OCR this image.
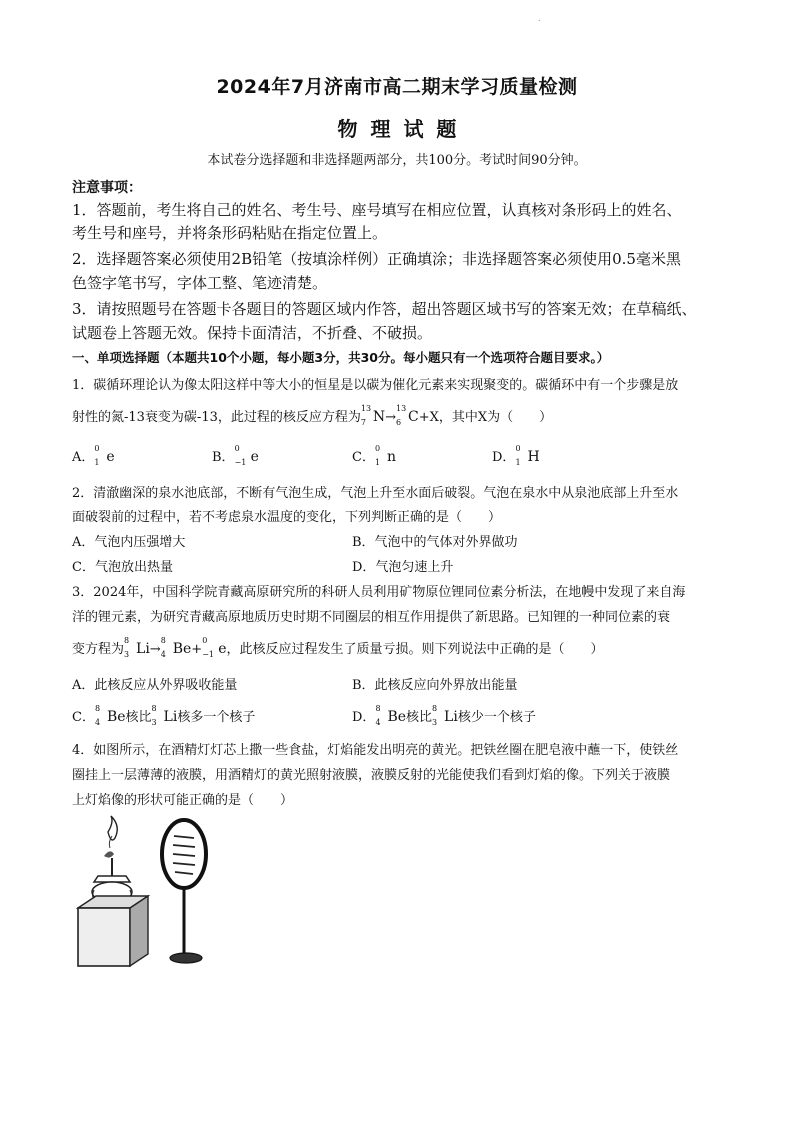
.
2024年7月济南市高二期末学习质量检测
物 理 试 题
本试卷分选择题和非选择题两部分，共100分。考试时间90分钟。
注意事项：
1．答题前，考生将自己的姓名、考生号、座号填写在相应位置，认真核对条形码上的姓名、
考生号和座号，并将条形码粘贴在指定位置上。
2．选择题答案必须使用2B铅笔（按填涂样例）正确填涂；非选择题答案必须使用0.5毫米黑
色签字笔书写，字体工整、笔迹清楚。
3．请按照题号在答题卡各题目的答题区域内作答，超出答题区域书写的答案无效；在草稿纸、
试题卷上答题无效。保持卡面清洁，不折叠、不破损。
一、单项选择题（本题共10个小题，每小题3分，共30分。每小题只有一个选项符合题目要求。）
1．碳循环理论认为像太阳这样中等大小的恒星是以碳为催化元素来实现聚变的。碳循环中有一个步骤是放
射性的氮-13衰变为碳-13，此过程的核反应方程为
13
7 N→
13
6 C+X，其中X为（　　）
A．
0
1 e	B．
0
−1 e	C．
0
1 n	D．
0
1 H
2．清澈幽深的泉水池底部，不断有气泡生成，气泡上升至水面后破裂。气泡在泉水中从泉池底部上升至水
面破裂前的过程中，若不考虑泉水温度的变化，下列判断正确的是（　　）
A．气泡内压强增大	B．气泡中的气体对外界做功
C．气泡放出热量	D．气泡匀速上升
3．2024年，中国科学院青藏高原研究所的科研人员利用矿物原位锂同位素分析法，在地幔中发现了来自海
洋的锂元素，为研究青藏高原地质历史时期不同圈层的相互作用提供了新思路。已知锂的一种同位素的衰
变方程为
8
3 Li→
8
4 Be+
0
−1 e，此核反应过程发生了质量亏损。则下列说法中正确的是（　　）
A．此核反应从外界吸收能量	B．此核反应向外界放出能量
C．
8
4 Be核比
8
3 Li核多一个核子	D．
8
4 Be核比
8
3 Li核少一个核子
4．如图所示，在酒精灯灯芯上撒一些食盐，灯焰能发出明亮的黄光。把铁丝圈在肥皂液中蘸一下，使铁丝
圈挂上一层薄薄的液膜，用酒精灯的黄光照射液膜，液膜反射的光能使我们看到灯焰的像。下列关于液膜
上灯焰像的形状可能正确的是（　　）
